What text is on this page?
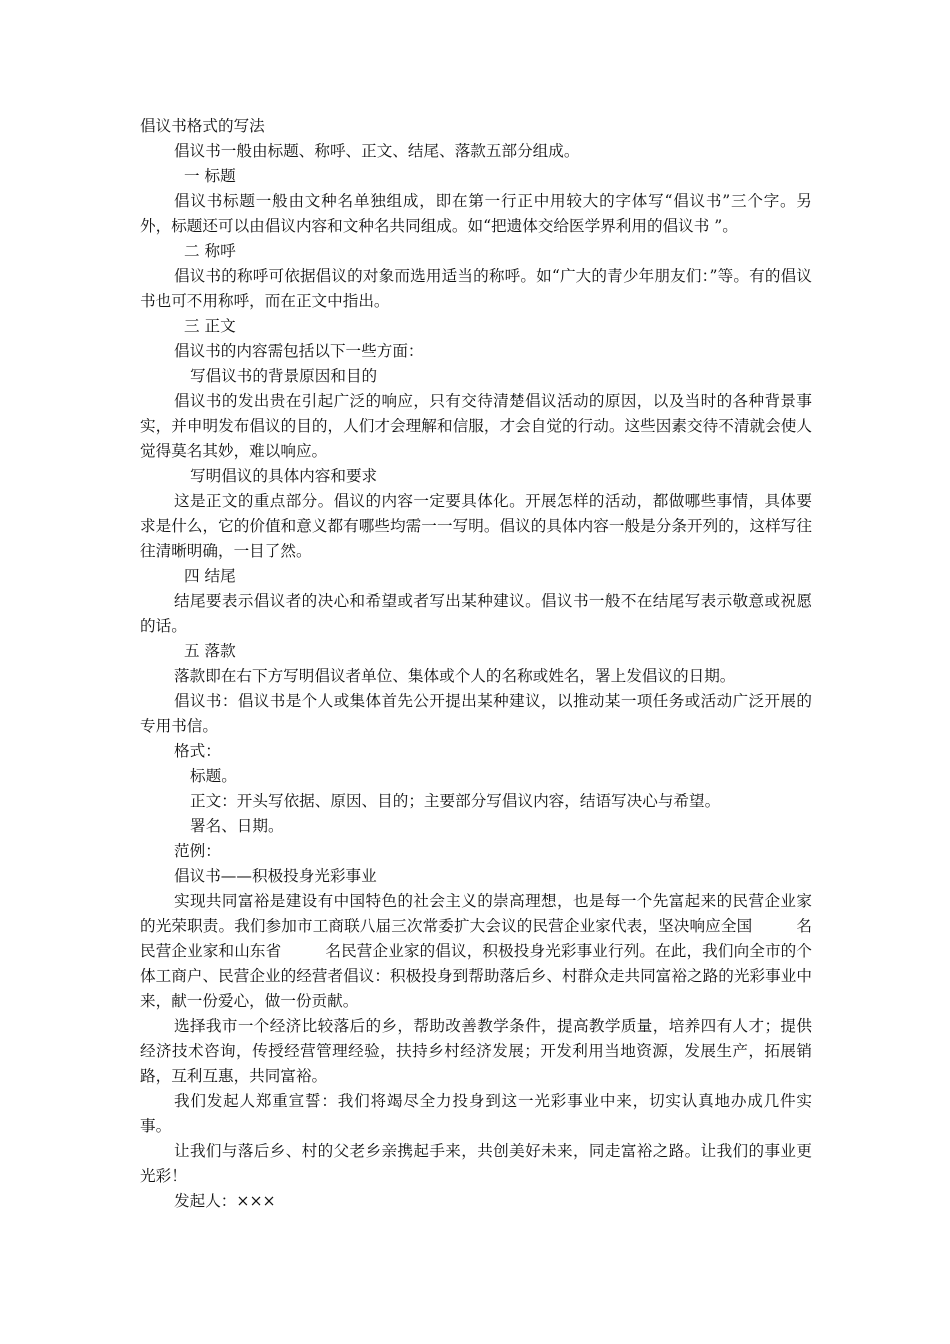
倡议书格式的写法

倡议书一般由标题、称呼、正文、结尾、落款五部分组成。

一 标题

倡议书标题一般由文种名单独组成，即在第一行正中用较大的字体写“倡议书”三个字。另外，标题还可以由倡议内容和文种名共同组成。如“把遗体交给医学界利用的倡议书 ”。

二 称呼

倡议书的称呼可依据倡议的对象而选用适当的称呼。如“广大的青少年朋友们：”等。有的倡议书也可不用称呼，而在正文中指出。

三 正文

倡议书的内容需包括以下一些方面：

写倡议书的背景原因和目的

倡议书的发出贵在引起广泛的响应，只有交待清楚倡议活动的原因，以及当时的各种背景事实，并申明发布倡议的目的，人们才会理解和信服，才会自觉的行动。这些因素交待不清就会使人觉得莫名其妙，难以响应。

写明倡议的具体内容和要求

这是正文的重点部分。倡议的内容一定要具体化。开展怎样的活动，都做哪些事情，具体要求是什么，它的价值和意义都有哪些均需一一写明。倡议的具体内容一般是分条开列的，这样写往往清晰明确，一目了然。

四 结尾

结尾要表示倡议者的决心和希望或者写出某种建议。倡议书一般不在结尾写表示敬意或祝愿的话。

五 落款

落款即在右下方写明倡议者单位、集体或个人的名称或姓名，署上发倡议的日期。

倡议书：倡议书是个人或集体首先公开提出某种建议，以推动某一项任务或活动广泛开展的专用书信。

格式：

标题。

正文：开头写依据、原因、目的；主要部分写倡议内容，结语写决心与希望。

署名、日期。

范例：

倡议书——积极投身光彩事业

实现共同富裕是建设有中国特色的社会主义的崇高理想，也是每一个先富起来的民营企业家的光荣职责。我们参加市工商联八届三次常委扩大会议的民营企业家代表，坚决响应全国	名民营企业家和山东省	名民营企业家的倡议，积极投身光彩事业行列。在此，我们向全市的个体工商户、民营企业的经营者倡议：积极投身到帮助落后乡、村群众走共同富裕之路的光彩事业中来，献一份爱心，做一份贡献。

选择我市一个经济比较落后的乡，帮助改善教学条件，提高教学质量，培养四有人才；提供经济技术咨询，传授经营管理经验，扶持乡村经济发展；开发利用当地资源，发展生产，拓展销路，互利互惠，共同富裕。

我们发起人郑重宣誓：我们将竭尽全力投身到这一光彩事业中来，切实认真地办成几件实事。

让我们与落后乡、村的父老乡亲携起手来，共创美好未来，同走富裕之路。让我们的事业更光彩！

发起人：×××
